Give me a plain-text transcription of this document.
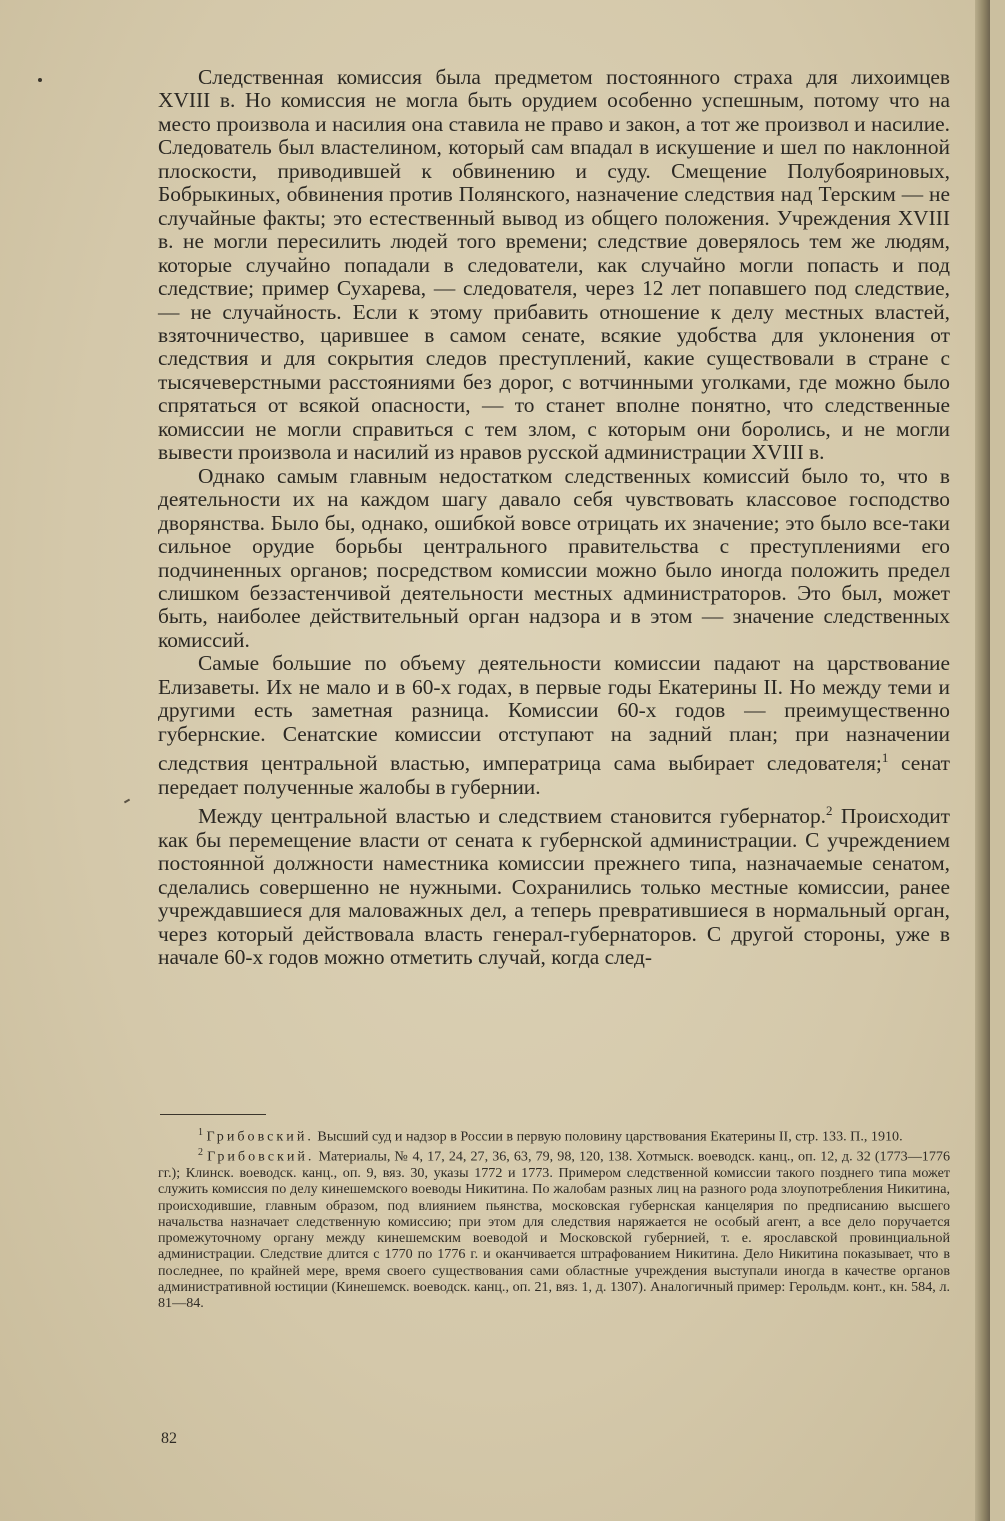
Следственная комиссия была предметом постоянного страха для лихоимцев XVIII в. Но комиссия не могла быть орудием особенно успешным, потому что на место произвола и насилия она ставила не право и закон, а тот же произвол и насилие. Следователь был властелином, который сам впадал в искушение и шел по наклонной плоскости, приводившей к обвинению и суду. Смещение Полубояриновых, Бобрыкиных, обвинения против Полянского, назначение следствия над Терским — не случайные факты; это естественный вывод из общего положения. Учреждения XVIII в. не могли пересилить людей того времени; следствие доверялось тем же людям, которые случайно попадали в следователи, как случайно могли попасть и под следствие; пример Сухарева, — следователя, через 12 лет попавшего под следствие, — не случайность. Если к этому прибавить отношение к делу местных властей, взяточничество, царившее в самом сенате, всякие удобства для уклонения от следствия и для сокрытия следов преступлений, какие существовали в стране с тысячеверстными расстояниями без дорог, с вотчинными уголками, где можно было спрятаться от всякой опасности, — то станет вполне понятно, что следственные комиссии не могли справиться с тем злом, с которым они боролись, и не могли вывести произвола и насилий из нравов русской администрации XVIII в.

Однако самым главным недостатком следственных комиссий было то, что в деятельности их на каждом шагу давало себя чувствовать классовое господство дворянства. Было бы, однако, ошибкой вовсе отрицать их значение; это было все-таки сильное орудие борьбы центрального правительства с преступлениями его подчиненных органов; посредством комиссии можно было иногда положить предел слишком беззастенчивой деятельности местных администраторов. Это был, может быть, наиболее действительный орган надзора и в этом — значение следственных комиссий.

Самые большие по объему деятельности комиссии падают на царствование Елизаветы. Их не мало и в 60-х годах, в первые годы Екатерины II. Но между теми и другими есть заметная разница. Комиссии 60-х годов — преимущественно губернские. Сенатские комиссии отступают на задний план; при назначении следствия центральной властью, императрица сама выбирает следователя;$^1$ сенат передает полученные жалобы в губернии.

Между центральной властью и следствием становится губернатор.$^2$ Происходит как бы перемещение власти от сената к губернской администрации. С учреждением постоянной должности наместника комиссии прежнего типа, назначаемые сенатом, сделались совершенно не нужными. Сохранились только местные комиссии, ранее учреждавшиеся для маловажных дел, а теперь превратившиеся в нормальный орган, через который действовала власть генерал-губернаторов. С другой стороны, уже в начале 60-х годов можно отметить случай, когда след-

$^1$ Грибовский. Высший суд и надзор в России в первую половину царствования Екатерины II, стр. 133. П., 1910.

$^2$ Грибовский. Материалы, № 4, 17, 24, 27, 36, 63, 79, 98, 120, 138. Хотмыск. воеводск. канц., оп. 12, д. 32 (1773—1776 гг.); Клинск. воеводск. канц., оп. 9, вяз. 30, указы 1772 и 1773. Примером следственной комиссии такого позднего типа может служить комиссия по делу кинешемского воеводы Никитина. По жалобам разных лиц на разного рода злоупотребления Никитина, происходившие, главным образом, под влиянием пьянства, московская губернская канцелярия по предписанию высшего начальства назначает следственную комиссию; при этом для следствия наряжается не особый агент, а все дело поручается промежуточному органу между кинешемским воеводой и Московской губернией, т. е. ярославской провинциальной администрации. Следствие длится с 1770 по 1776 г. и оканчивается штрафованием Никитина. Дело Никитина показывает, что в последнее, по крайней мере, время своего существования сами областные учреждения выступали иногда в качестве органов административной юстиции (Кинешемск. воеводск. канц., оп. 21, вяз. 1, д. 1307). Аналогичный пример: Герольдм. конт., кн. 584, л. 81—84.

82
